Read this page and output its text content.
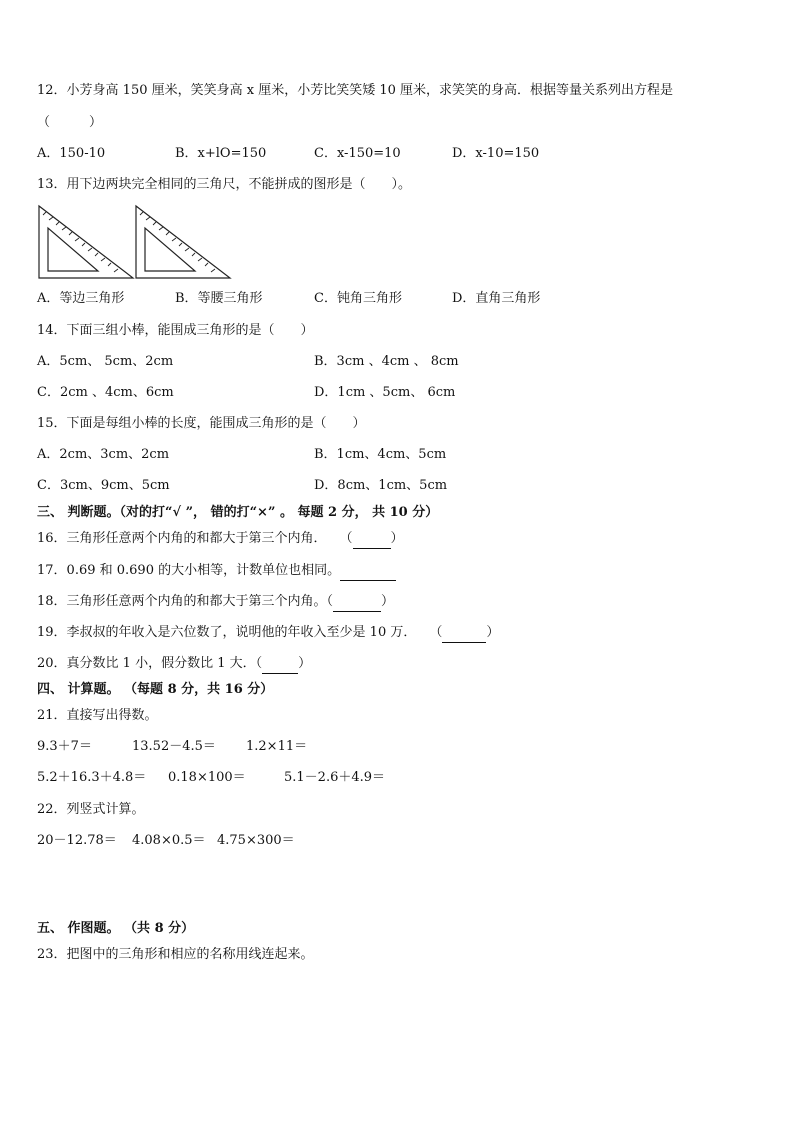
12．小芳身高 150 厘米，笑笑身高 x 厘米，小芳比笑笑矮 10 厘米，求笑笑的身高．根据等量关系列出方程是
（　　　）
A．150-10	B．x+lO=150	C．x-150=10	D．x-10=150
13．用下边两块完全相同的三角尺，不能拼成的图形是（　　）。
A．等边三角形	B．等腰三角形	C．钝角三角形	D．直角三角形
14．下面三组小棒，能围成三角形的是（　　）
A．5cm、 5cm、2cm	B．3cm 、4cm 、 8cm
C．2cm 、4cm、6cm	D．1cm 、5cm、 6cm
15．下面是每组小棒的长度，能围成三角形的是（　　）
A．2cm、3cm、2cm	B．1cm、4cm、5cm
C．3cm、9cm、5cm	D．8cm、1cm、5cm
三、 判断题。（对的打“√ ”， 错的打“×” 。 每题 2 分， 共 10 分）
16．三角形任意两个内角的和都大于第三个内角．　　（	）
17．0.69 和 0.690 的大小相等，计数单位也相同。
18．三角形任意两个内角的和都大于第三个内角。（	）
19．李叔叔的年收入是六位数了，说明他的年收入至少是 10 万．　　（	）
20．真分数比 1 小，假分数比 1 大．（	）
四、 计算题。 （每题 8 分，共 16 分）
21．直接写出得数。
9.3＋7＝	13.52－4.5＝ 1.2×11＝
5.2＋16.3＋4.8＝ 0.18×100＝	5.1－2.6＋4.9＝
22．列竖式计算。
20－12.78＝ 4.08×0.5＝ 4.75×300＝
五、 作图题。 （共 8 分）
23．把图中的三角形和相应的名称用线连起来。
